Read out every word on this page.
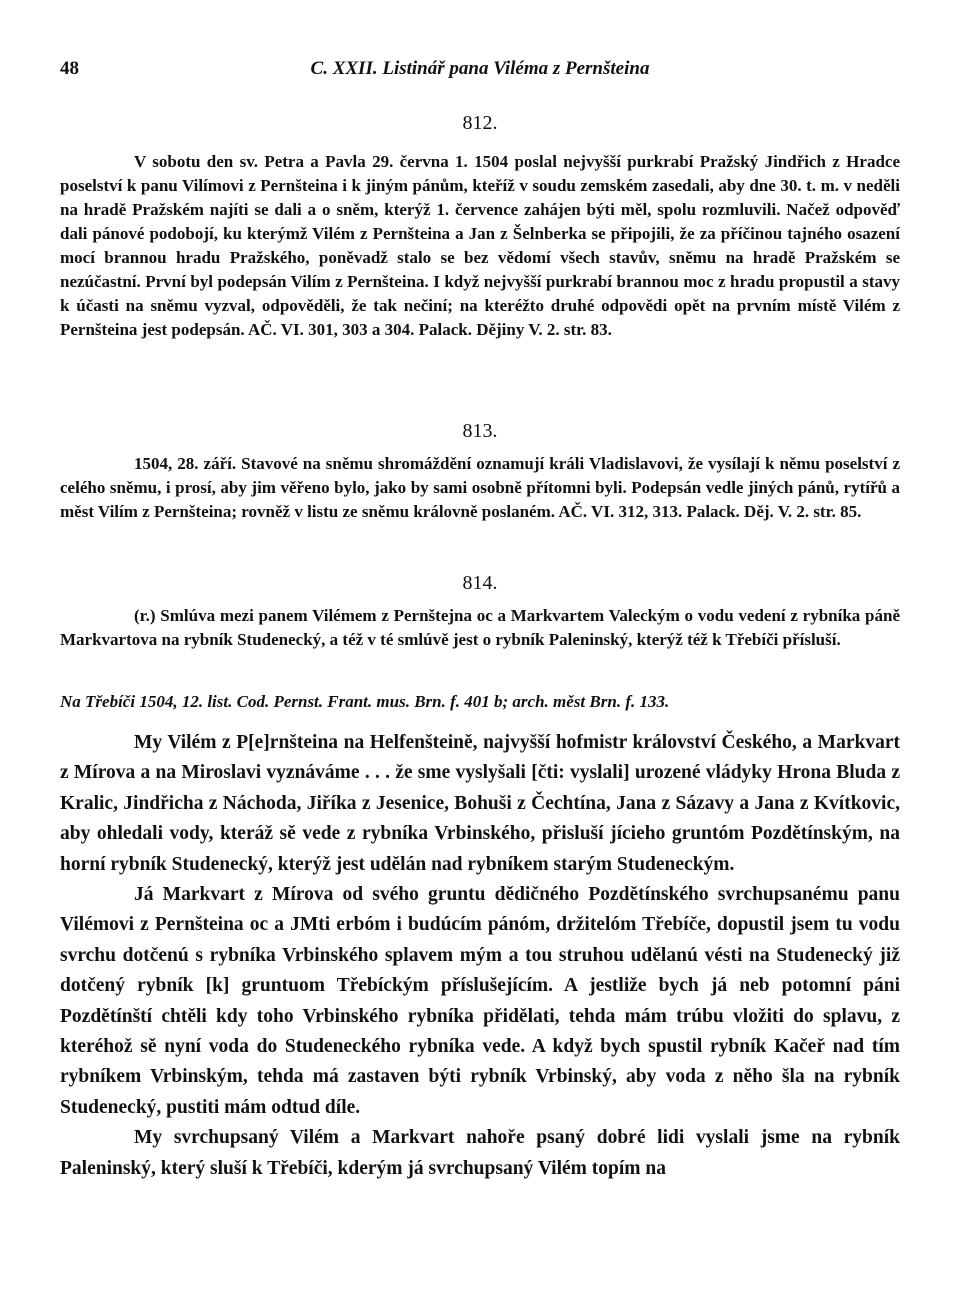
48	C. XXII. Listinář pana Viléma z Pernšteina
812.

V sobotu den sv. Petra a Pavla 29. června 1. 1504 poslal nejvyšší purkrabí Pražský Jindřich z Hradce poselství k panu Vilímovi z Pernšteina i k jiným pánům, kteříž v soudu zemském zasedali, aby dne 30. t. m. v neděli na hradě Pražském najíti se dali a o sněm, kterýž 1. července zahájen býti měl, spolu rozmluvili. Načež odpověď dali pánové podobojí, ku kterýmž Vilém z Pernšteina a Jan z Šelnberka se připojili, že za příčinou tajného osazení mocí brannou hradu Pražského, poněvadž stalo se bez vědomí všech stavův, sněmu na hradě Pražském se nezúčastní. První byl podepsán Vilím z Pernšteina. I když nejvyšší purkrabí brannou moc z hradu propustil a stavy k účasti na sněmu vyzval, odpověděli, že tak nečiní; na kteréžto druhé odpovědi opět na prvním místě Vilém z Pernšteina jest podepsán. AČ. VI. 301, 303 a 304. Palack. Dějiny V. 2. str. 83.

813.

1504, 28. září. Stavové na sněmu shromáždění oznamují králi Vladislavovi, že vysílají k němu poselství z celého sněmu, i prosí, aby jim věřeno bylo, jako by sami osobně přítomni byli. Podepsán vedle jiných pánů, rytířů a měst Vilím z Pernšteina; rovněž v listu ze sněmu královně poslaném. AČ. VI. 312, 313. Palack. Děj. V. 2. str. 85.

814.

(r.) Smlúva mezi panem Vilémem z Pernštejna oc a Markvartem Valeckým o vodu vedení z rybníka páně Markvartova na rybník Studenecký, a též v té smlúvě jest o rybník Paleninský, kterýž též k Třebíči přísluší.

Na Třebíči 1504, 12. list. Cod. Pernst. Frant. mus. Brn. f. 401 b; arch. měst Brn. f. 133.

My Vilém z P[e]rnšteina na Helfenšteině, najvyšší hofmistr království Českého, a Markvart z Mírova a na Miroslavi vyznáváme . . . že sme vyslyšali [čti: vyslali] urozené vládyky Hrona Bluda z Kralic, Jindřicha z Náchoda, Jiříka z Jesenice, Bohuši z Čechtína, Jana z Sázavy a Jana z Kvítkovic, aby ohledali vody, kteráž sě vede z rybníka Vrbinského, přisluší jícieho gruntóm Pozdětínským, na horní rybník Studenecký, kterýž jest udělán nad rybníkem starým Studeneckým.

Já Markvart z Mírova od svého gruntu dědičného Pozdětínského svrchupsanému panu Vilémovi z Pernšteina oc a JMti erbóm i budúcím pánóm, držitelóm Třebíče, dopustil jsem tu vodu svrchu dotčenú s rybníka Vrbinského splavem mým a tou struhou udělanú vésti na Studenecký již dotčený rybník [k] gruntuom Třebíckým příslušejícím. A jestliže bych já neb potomní páni Pozdětínští chtěli kdy toho Vrbinského rybníka přidělati, tehda mám trúbu vložiti do splavu, z kteréhož sě nyní voda do Studeneckého rybníka vede. A když bych spustil rybník Kačeř nad tím rybníkem Vrbinským, tehda má zastaven býti rybník Vrbinský, aby voda z něho šla na rybník Studenecký, pustiti mám odtud díle.

My svrchupsaný Vilém a Markvart nahoře psaný dobré lidi vyslali jsme na rybník Paleninský, který sluší k Třebíči, kderým já svrchupsaný Vilém topím na
